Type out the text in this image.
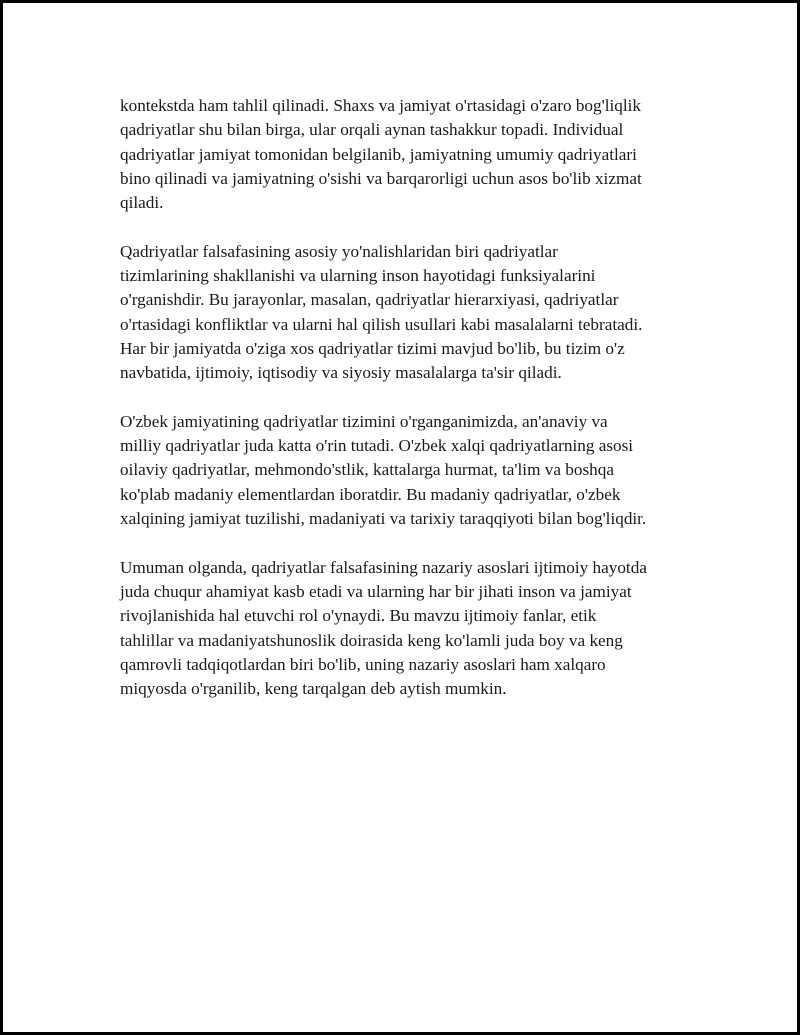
kontekstda ham tahlil qilinadi. Shaxs va jamiyat o'rtasidagi o'zaro bog'liqlik
qadriyatlar shu bilan birga, ular orqali aynan tashakkur topadi. Individual
qadriyatlar jamiyat tomonidan belgilanib, jamiyatning umumiy qadriyatlari
bino qilinadi va jamiyatning o'sishi va barqarorligi uchun asos bo'lib xizmat
qiladi.

Qadriyatlar falsafasining asosiy yo'nalishlaridan biri qadriyatlar
tizimlarining shakllanishi va ularning inson hayotidagi funksiyalarini
o'rganishdir. Bu jarayonlar, masalan, qadriyatlar hierarxiyasi, qadriyatlar
o'rtasidagi konfliktlar va ularni hal qilish usullari kabi masalalarni tebratadi.
Har bir jamiyatda o'ziga xos qadriyatlar tizimi mavjud bo'lib, bu tizim o'z
navbatida, ijtimoiy, iqtisodiy va siyosiy masalalarga ta'sir qiladi.

O'zbek jamiyatining qadriyatlar tizimini o'rganganimizda, an'anaviy va
milliy qadriyatlar juda katta o'rin tutadi. O'zbek xalqi qadriyatlarning asosi
oilaviy qadriyatlar, mehmondo'stlik, kattalarga hurmat, ta'lim va boshqa
ko'plab madaniy elementlardan iboratdir. Bu madaniy qadriyatlar, o'zbek
xalqining jamiyat tuzilishi, madaniyati va tarixiy taraqqiyoti bilan bog'liqdir.

Umuman olganda, qadriyatlar falsafasining nazariy asoslari ijtimoiy hayotda
juda chuqur ahamiyat kasb etadi va ularning har bir jihati inson va jamiyat
rivojlanishida hal etuvchi rol o'ynaydi. Bu mavzu ijtimoiy fanlar, etik
tahlillar va madaniyatshunoslik doirasida keng ko'lamli juda boy va keng
qamrovli tadqiqotlardan biri bo'lib, uning nazariy asoslari ham xalqaro
miqyosda o'rganilib, keng tarqalgan deb aytish mumkin.
